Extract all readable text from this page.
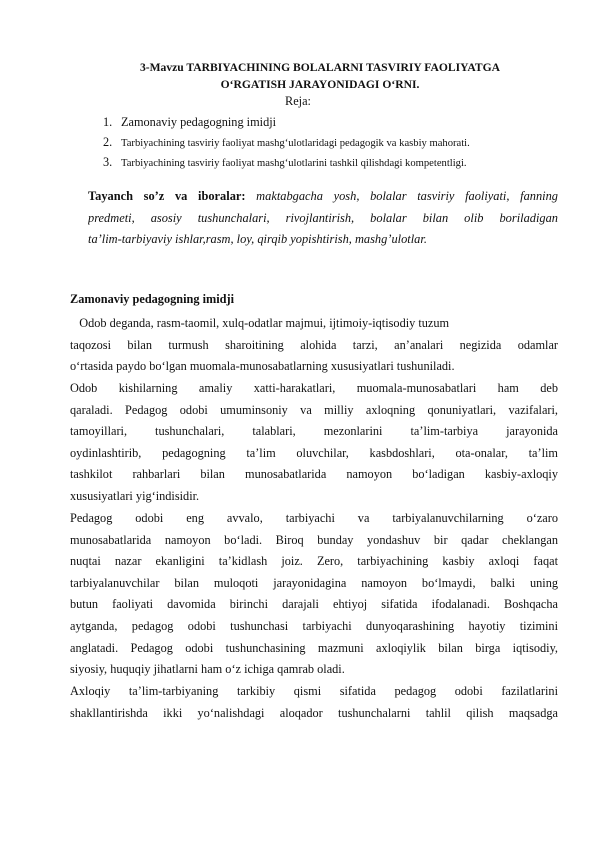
3-Mavzu TARBIYACHINING BOLALARNI TASVIRIY FAOLIYATGA
O‘RGATISH JARAYONIDAGI O‘RNI.
Reja:
1. Zamonaviy pedagogning imidji
2. Tarbiyachining tasviriy faoliyat mashg‘ulotlaridagi pedagogik va kasbiy mahorati.
3. Tarbiyachining tasviriy faoliyat mashg‘ulotlarini tashkil qilishdagi kompetentligi.
Tayanch so’z va iboralar: maktabgacha yosh, bolalar tasviriy faoliyati, fanning
predmeti, asosiy tushunchalari, rivojlantirish, bolalar bilan olib boriladigan
ta’lim-tarbiyaviy ishlar,rasm, loy, qirqib yopishtirish, mashg’ulotlar.
Zamonaviy pedagogning imidji
Odob deganda, rasm-taomil, xulq-odatlar majmui, ijtimoiy-iqtisodiy tuzum
taqozosi bilan turmush sharoitining alohida tarzi, an’analari negizida odamlar
o‘rtasida paydo bo‘lgan muomala-munosabatlarning xususiyatlari tushuniladi.
Odob kishilarning amaliy xatti-harakatlari, muomala-munosabatlari ham deb
qaraladi. Pedagog odobi umuminsoniy va milliy axloqning qonuniyatlari, vazifalari,
tamoyillari, tushunchalari, talablari, mezonlarini ta’lim-tarbiya jarayonida
oydinlashtirib, pedagogning ta’lim oluvchilar, kasbdoshlari, ota-onalar, ta’lim
tashkilot rahbarlari bilan munosabatlarida namoyon bo‘ladigan kasbiy-axloqiy
xususiyatlari yig‘indisidir.
Pedagog odobi eng avvalo, tarbiyachi va tarbiyalanuvchilarning o‘zaro
munosabatlarida namoyon bo‘ladi. Biroq bunday yondashuv bir qadar cheklangan
nuqtai nazar ekanligini ta’kidlash joiz. Zero, tarbiyachining kasbiy axloqi faqat
tarbiyalanuvchilar bilan muloqoti jarayonidagina namoyon bo‘lmaydi, balki uning
butun faoliyati davomida birinchi darajali ehtiyoj sifatida ifodalanadi. Boshqacha
aytganda, pedagog odobi tushunchasi tarbiyachi dunyoqarashining hayotiy tizimini
anglatadi. Pedagog odobi tushunchasining mazmuni axloqiylik bilan birga iqtisodiy,
siyosiy, huquqiy jihatlarni ham o‘z ichiga qamrab oladi.
Axloqiy ta’lim-tarbiyaning tarkibiy qismi sifatida pedagog odobi fazilatlarini
shakllantirishda ikki yo‘nalishdagi aloqador tushunchalarni tahlil qilish maqsadga
